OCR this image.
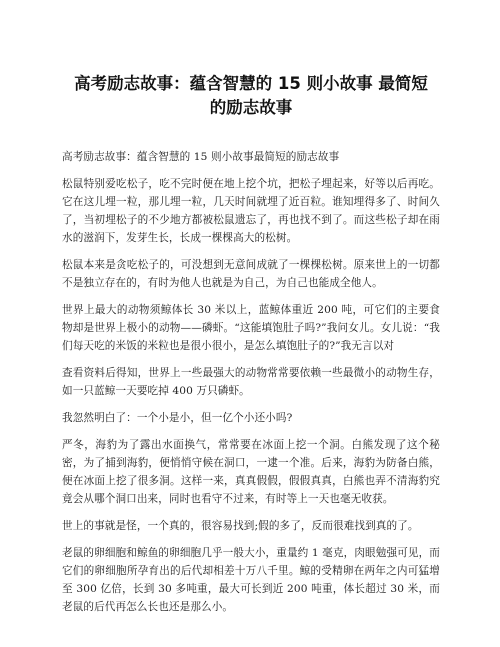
高考励志故事：蕴含智慧的 15 则小故事 最简短的励志故事

高考励志故事：蕴含智慧的 15 则小故事最简短的励志故事

松鼠特别爱吃松子，吃不完时便在地上挖个坑，把松子埋起来，好等以后再吃。它在这儿埋一粒，那儿埋一粒，几天时间就埋了近百粒。谁知埋得多了、时间久了，当初埋松子的不少地方都被松鼠遗忘了，再也找不到了。而这些松子却在雨水的滋润下，发芽生长，长成一棵棵高大的松树。

松鼠本来是贪吃松子的，可没想到无意间成就了一棵棵松树。原来世上的一切都不是独立存在的，有时为他人也就是为自己，为自己也能成全他人。

世界上最大的动物须鲸体长 30 米以上，蓝鲸体重近 200 吨，可它们的主要食物却是世界上极小的动物——磷虾。“这能填饱肚子吗?”我问女儿。女儿说：“我们每天吃的米饭的米粒也是很小很小，是怎么填饱肚子的?”我无言以对

查看资料后得知，世界上一些最强大的动物常常要依赖一些最微小的动物生存，如一只蓝鲸一天要吃掉 400 万只磷虾。

我忽然明白了：一个小是小，但一亿个小还小吗?

严冬，海豹为了露出水面换气，常常要在冰面上挖一个洞。白熊发现了这个秘密，为了捕到海豹，便悄悄守候在洞口，一逮一个准。后来，海豹为防备白熊，便在冰面上挖了很多洞。这样一来，真真假假，假假真真，白熊也弄不清海豹究竟会从哪个洞口出来，同时也看守不过来，有时等上一天也毫无收获。

世上的事就是怪，一个真的，很容易找到;假的多了，反而很难找到真的了。

老鼠的卵细胞和鲸鱼的卵细胞几乎一般大小，重量约 1 毫克，肉眼勉强可见，而它们的卵细胞所孕育出的后代却相差十万八千里。鲸的受精卵在两年之内可猛增至 300 亿倍，长到 30 多吨重，最大可长到近 200 吨重，体长超过 30 米，而老鼠的后代再怎么长也还是那么小。
